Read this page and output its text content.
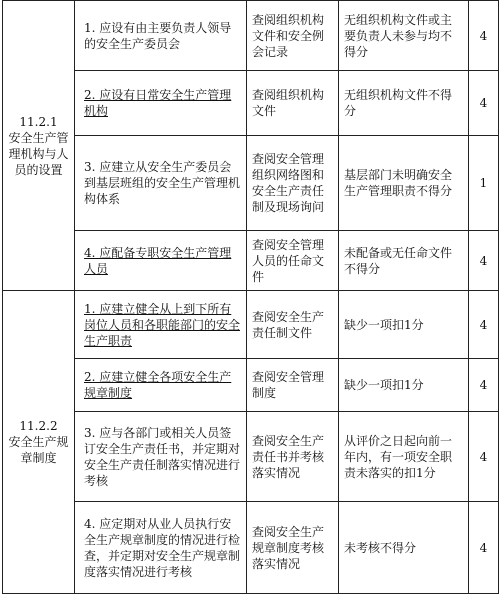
11.2.1
安全生产管理机构与人员的设置	1. 应设有由主要负责人领导的安全生产委员会	查阅组织机构文件和安全例会记录	无组织机构文件或主要负责人未参与均不得分	4
	2. 应设有日常安全生产管理机构	查阅组织机构文件	无组织机构文件不得分	4
	3. 应建立从安全生产委员会到基层班组的安全生产管理机构体系	查阅安全管理组织网络图和安全生产责任制及现场询问	基层部门未明确安全生产管理职责不得分	1
	4. 应配备专职安全生产管理人员	查阅安全管理人员的任命文件	未配备或无任命文件不得分	4

11.2.2
安全生产规章制度	1. 应建立健全从上到下所有岗位人员和各职能部门的安全生产职责	查阅安全生产责任制文件	缺少一项扣1分	4
	2. 应建立健全各项安全生产规章制度	查阅安全管理制度	缺少一项扣1分	4
	3. 应与各部门或相关人员签订安全生产责任书，并定期对安全生产责任制落实情况进行考核	查阅安全生产责任书并考核落实情况	从评价之日起向前一年内，有一项安全职责未落实的扣1分	4
	4. 应定期对从业人员执行安全生产规章制度的情况进行检查，并定期对安全生产规章制度落实情况进行考核	查阅安全生产规章制度考核落实情况	未考核不得分	4
